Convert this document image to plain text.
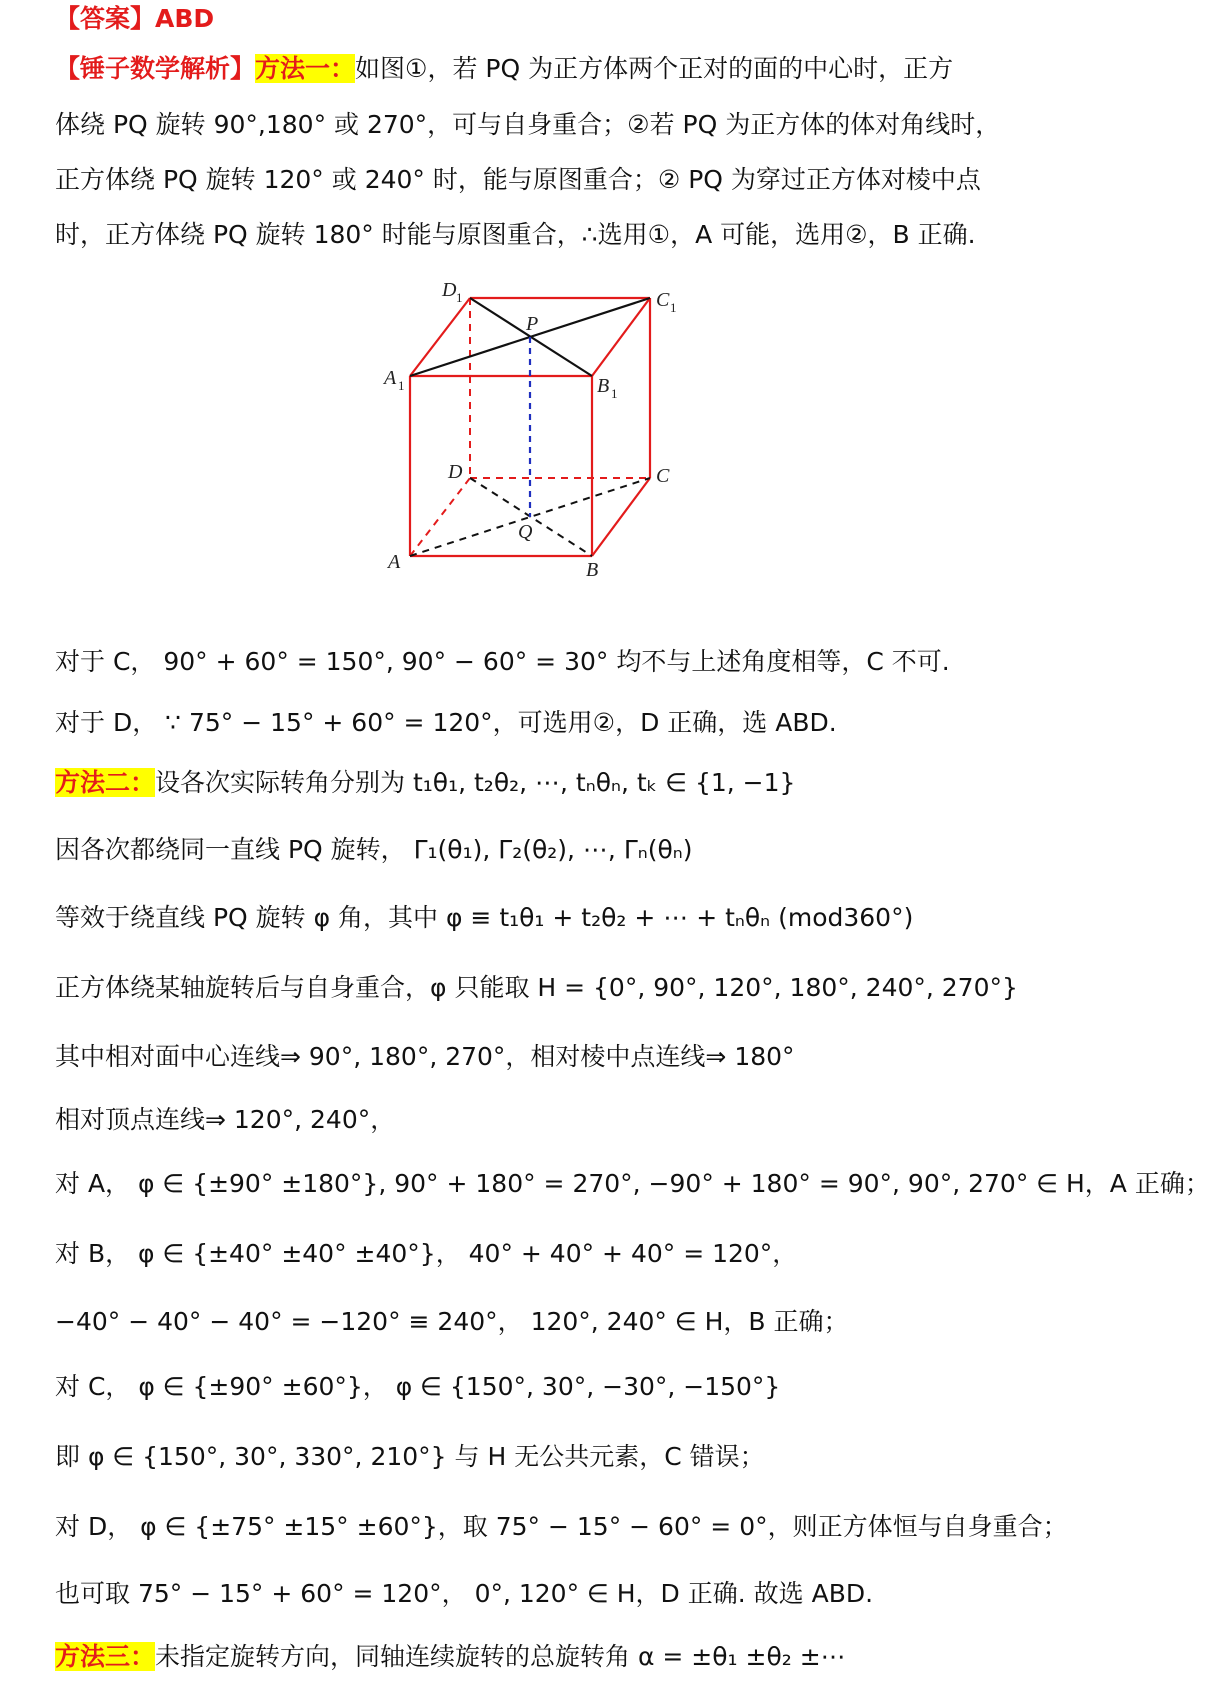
【答案】ABD
【锤子数学解析】方法一：如图①，若 PQ 为正方体两个正对的面的中心时，正方
体绕 PQ 旋转 90°,180° 或 270°，可与自身重合；②若 PQ 为正方体的体对角线时，
正方体绕 PQ 旋转 120° 或 240° 时，能与原图重合；② PQ 为穿过正方体对棱中点
时，正方体绕 PQ 旋转 180° 时能与原图重合，∴选用①，A 可能，选用②，B 正确.
D 1	C 1
P
A 1	B 1
D	C
Q
A	B
对于 C， 90° + 60° = 150°, 90° − 60° = 30° 均不与上述角度相等，C 不可.
对于 D， ∵ 75° − 15° + 60° = 120°，可选用②，D 正确，选 ABD.
方法二：设各次实际转角分别为 t₁θ₁, t₂θ₂, ⋯, tₙθₙ, tₖ ∈ {1, −1}
因各次都绕同一直线 PQ 旋转， Γ₁(θ₁), Γ₂(θ₂), ⋯, Γₙ(θₙ)
等效于绕直线 PQ 旋转 φ 角，其中 φ ≡ t₁θ₁ + t₂θ₂ + ⋯ + tₙθₙ (mod360°)
正方体绕某轴旋转后与自身重合，φ 只能取 H = {0°, 90°, 120°, 180°, 240°, 270°}
其中相对面中心连线⇒ 90°, 180°, 270°，相对棱中点连线⇒ 180°
相对顶点连线⇒ 120°, 240°，
对 A， φ ∈ {±90° ±180°}, 90° + 180° = 270°, −90° + 180° = 90°, 90°, 270° ∈ H，A 正确；
对 B， φ ∈ {±40° ±40° ±40°}， 40° + 40° + 40° = 120°，
−40° − 40° − 40° = −120° ≡ 240°， 120°, 240° ∈ H，B 正确；
对 C， φ ∈ {±90° ±60°}， φ ∈ {150°, 30°, −30°, −150°}
即 φ ∈ {150°, 30°, 330°, 210°} 与 H 无公共元素，C 错误；
对 D， φ ∈ {±75° ±15° ±60°}，取 75° − 15° − 60° = 0°，则正方体恒与自身重合；
也可取 75° − 15° + 60° = 120°， 0°, 120° ∈ H，D 正确. 故选 ABD.
方法三：未指定旋转方向，同轴连续旋转的总旋转角 α = ±θ₁ ±θ₂ ±⋯
